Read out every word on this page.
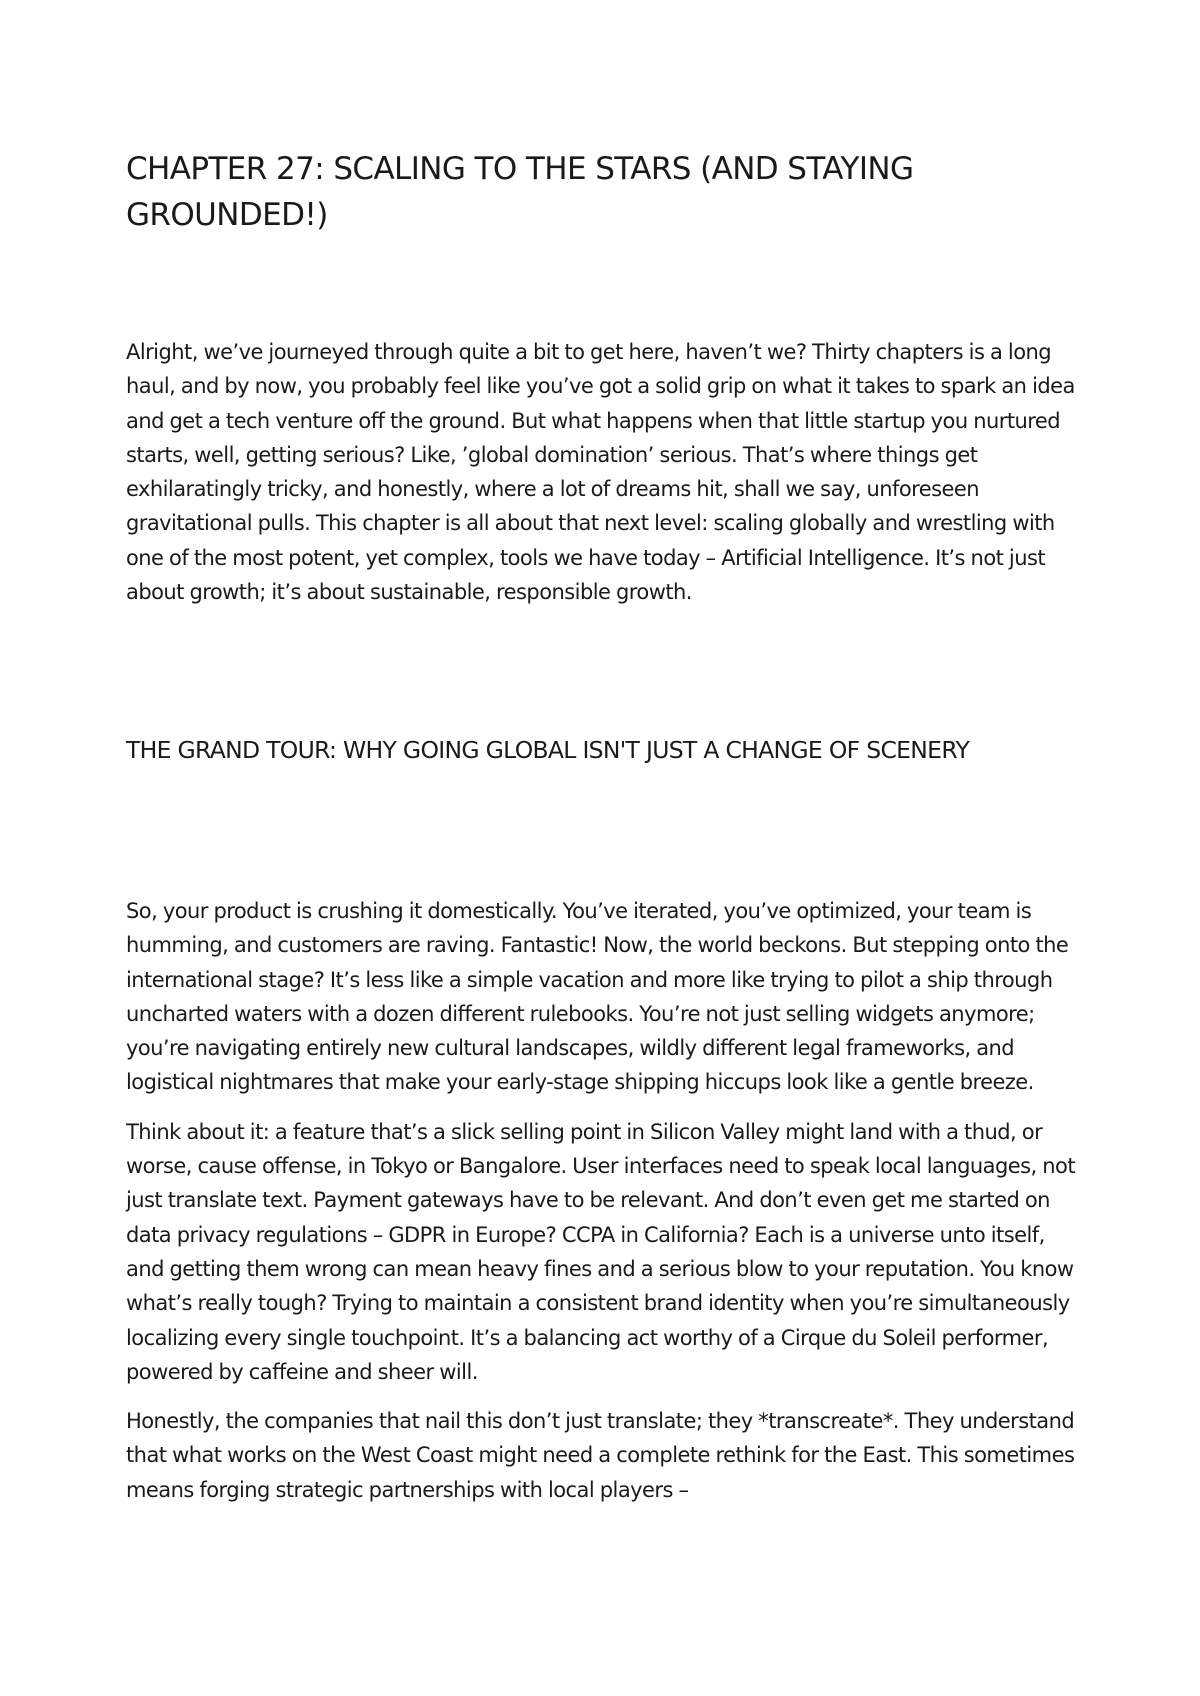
CHAPTER 27: SCALING TO THE STARS (AND STAYING GROUNDED!)

Alright, we’ve journeyed through quite a bit to get here, haven’t we? Thirty chapters is a long haul, and by now, you probably feel like you’ve got a solid grip on what it takes to spark an idea and get a tech venture off the ground. But what happens when that little startup you nurtured starts, well, getting serious? Like, ’global domination’ serious. That’s where things get exhilaratingly tricky, and honestly, where a lot of dreams hit, shall we say, unforeseen gravitational pulls. This chapter is all about that next level: scaling globally and wrestling with one of the most potent, yet complex, tools we have today – Artificial Intelligence. It’s not just about growth; it’s about sustainable, responsible growth.

THE GRAND TOUR: WHY GOING GLOBAL ISN'T JUST A CHANGE OF SCENERY

So, your product is crushing it domestically. You’ve iterated, you’ve optimized, your team is humming, and customers are raving. Fantastic! Now, the world beckons. But stepping onto the international stage? It’s less like a simple vacation and more like trying to pilot a ship through uncharted waters with a dozen different rulebooks. You’re not just selling widgets anymore; you’re navigating entirely new cultural landscapes, wildly different legal frameworks, and logistical nightmares that make your early-stage shipping hiccups look like a gentle breeze.

Think about it: a feature that’s a slick selling point in Silicon Valley might land with a thud, or worse, cause offense, in Tokyo or Bangalore. User interfaces need to speak local languages, not just translate text. Payment gateways have to be relevant. And don’t even get me started on data privacy regulations – GDPR in Europe? CCPA in California? Each is a universe unto itself, and getting them wrong can mean heavy fines and a serious blow to your reputation. You know what’s really tough? Trying to maintain a consistent brand identity when you’re simultaneously localizing every single touchpoint. It’s a balancing act worthy of a Cirque du Soleil performer, powered by caffeine and sheer will.

Honestly, the companies that nail this don’t just translate; they *transcreate*. They understand that what works on the West Coast might need a complete rethink for the East. This sometimes means forging strategic partnerships with local players –
